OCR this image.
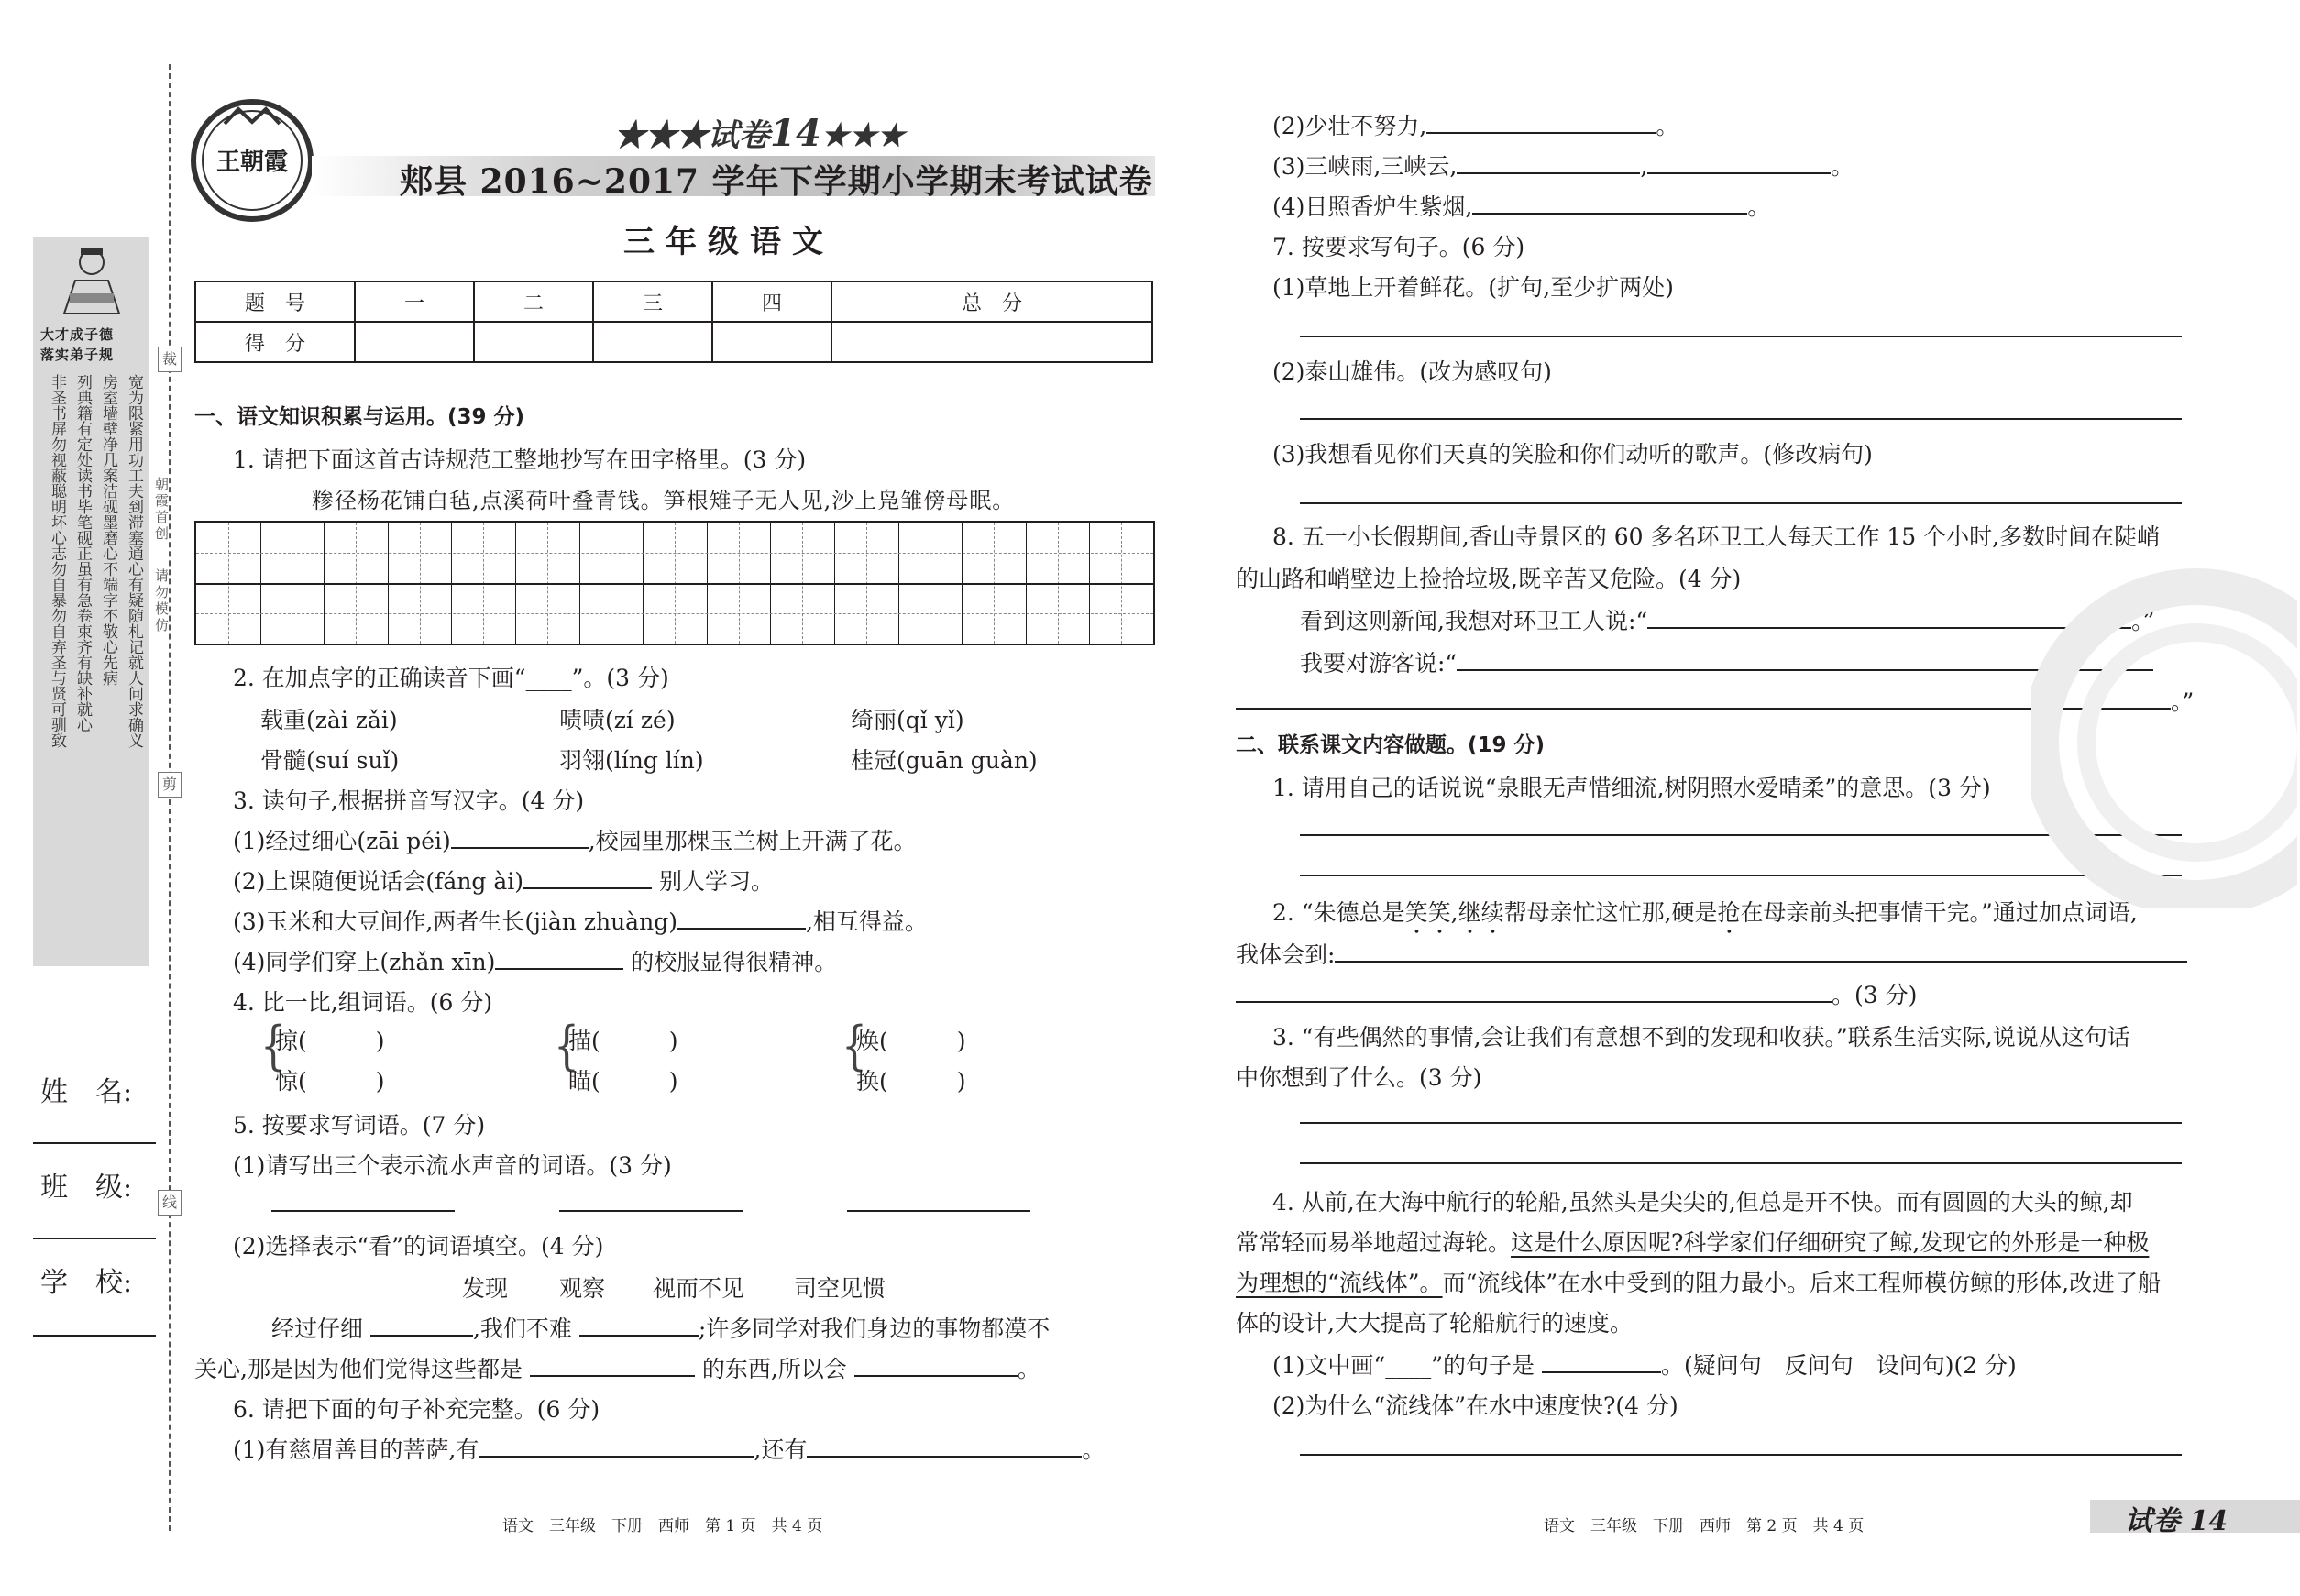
裁
剪
线
大才成子德
落实弟子规
非圣书屏勿视蔽聪明坏心志勿自暴勿自弃圣与贤可驯致 列典籍有定处读书毕笔砚正虽有急卷束齐有缺补就心 房室墙壁净几案洁砚墨磨心不端字不敬心先病 宽为限紧用功工夫到滞塞通心有疑随札记就人问求确义 朝霞首创
请勿模仿
姓　名:
班　级:
学　校:
王朝霞
★★★试卷14★★★
郏县 2016~2017 学年下学期小学期末考试试卷
三年级语文
题　号	一	二	三	四	总　分
得　分					
一、语文知识积累与运用。(39 分)
1. 请把下面这首古诗规范工整地抄写在田字格里。(3 分)
糁径杨花铺白毡,点溪荷叶叠青钱。笋根雉子无人见,沙上凫雏傍母眠。
2. 在加点字的正确读音下画“____”。(3 分)
载重(zài zǎi)	啧啧(zí zé)	绮丽(qǐ yǐ)
骨髓(suí suǐ)	羽翎(líng lín)	桂冠(guān guàn)
3. 读句子,根据拼音写汉字。(4 分)
(1)经过细心(zāi péi)	,校园里那棵玉兰树上开满了花。
(2)上课随便说话会(fáng ài)	别人学习。
(3)玉米和大豆间作,两者生长(jiàn zhuàng)	,相互得益。
(4)同学们穿上(zhǎn xīn)	的校服显得很精神。
4. 比一比,组词语。(6 分)
{
掠(　　　)
惊(　　　)
{
描(　　　)
瞄(　　　)
{
焕(　　　)
换(　　　)
5. 按要求写词语。(7 分)
(1)请写出三个表示流水声音的词语。(3 分)
(2)选择表示“看”的词语填空。(4 分)
发现 观察 视而不见 司空见惯
经过仔细	,我们不难	;许多同学对我们身边的事物都漠不
关心,那是因为他们觉得这些都是	的东西,所以会	。
6. 请把下面的句子补充完整。(6 分)
(1)有慈眉善目的菩萨,有	,还有	。
语文　三年级　下册　西师　第 1 页　共 4 页
(2)少壮不努力,	。
(3)三峡雨,三峡云,	,	。
(4)日照香炉生紫烟,	。
7. 按要求写句子。(6 分)
(1)草地上开着鲜花。(扩句,至少扩两处)
(2)泰山雄伟。(改为感叹句)
(3)我想看见你们天真的笑脸和你们动听的歌声。(修改病句)
8. 五一小长假期间,香山寺景区的 60 多名环卫工人每天工作 15 个小时,多数时间在陡峭
的山路和峭壁边上捡拾垃圾,既辛苦又危险。(4 分)
看到这则新闻,我想对环卫工人说:“	。”
我要对游客说:“
。”
二、联系课文内容做题。(19 分)
1. 请用自己的话说说“泉眼无声惜细流,树阴照水爱晴柔”的意思。(3 分)
2. “朱德总是笑笑,继续帮母亲忙这忙那,硬是抢在母亲前头把事情干完。”通过加点词语,
我体会到:
。(3 分)
3. “有些偶然的事情,会让我们有意想不到的发现和收获。”联系生活实际,说说从这句话
中你想到了什么。(3 分)
4. 从前,在大海中航行的轮船,虽然头是尖尖的,但总是开不快。而有圆圆的大头的鲸,却
常常轻而易举地超过海轮。这是什么原因呢?科学家们仔细研究了鲸,发现它的外形是一种极
为理想的“流线体”。而“流线体”在水中受到的阻力最小。后来工程师模仿鲸的形体,改进了船
体的设计,大大提高了轮船航行的速度。
(1)文中画“____”的句子是	。(疑问句　反问句　设问句)(2 分)
(2)为什么“流线体”在水中速度快?(4 分)
语文　三年级　下册　西师　第 2 页　共 4 页	试卷 14
